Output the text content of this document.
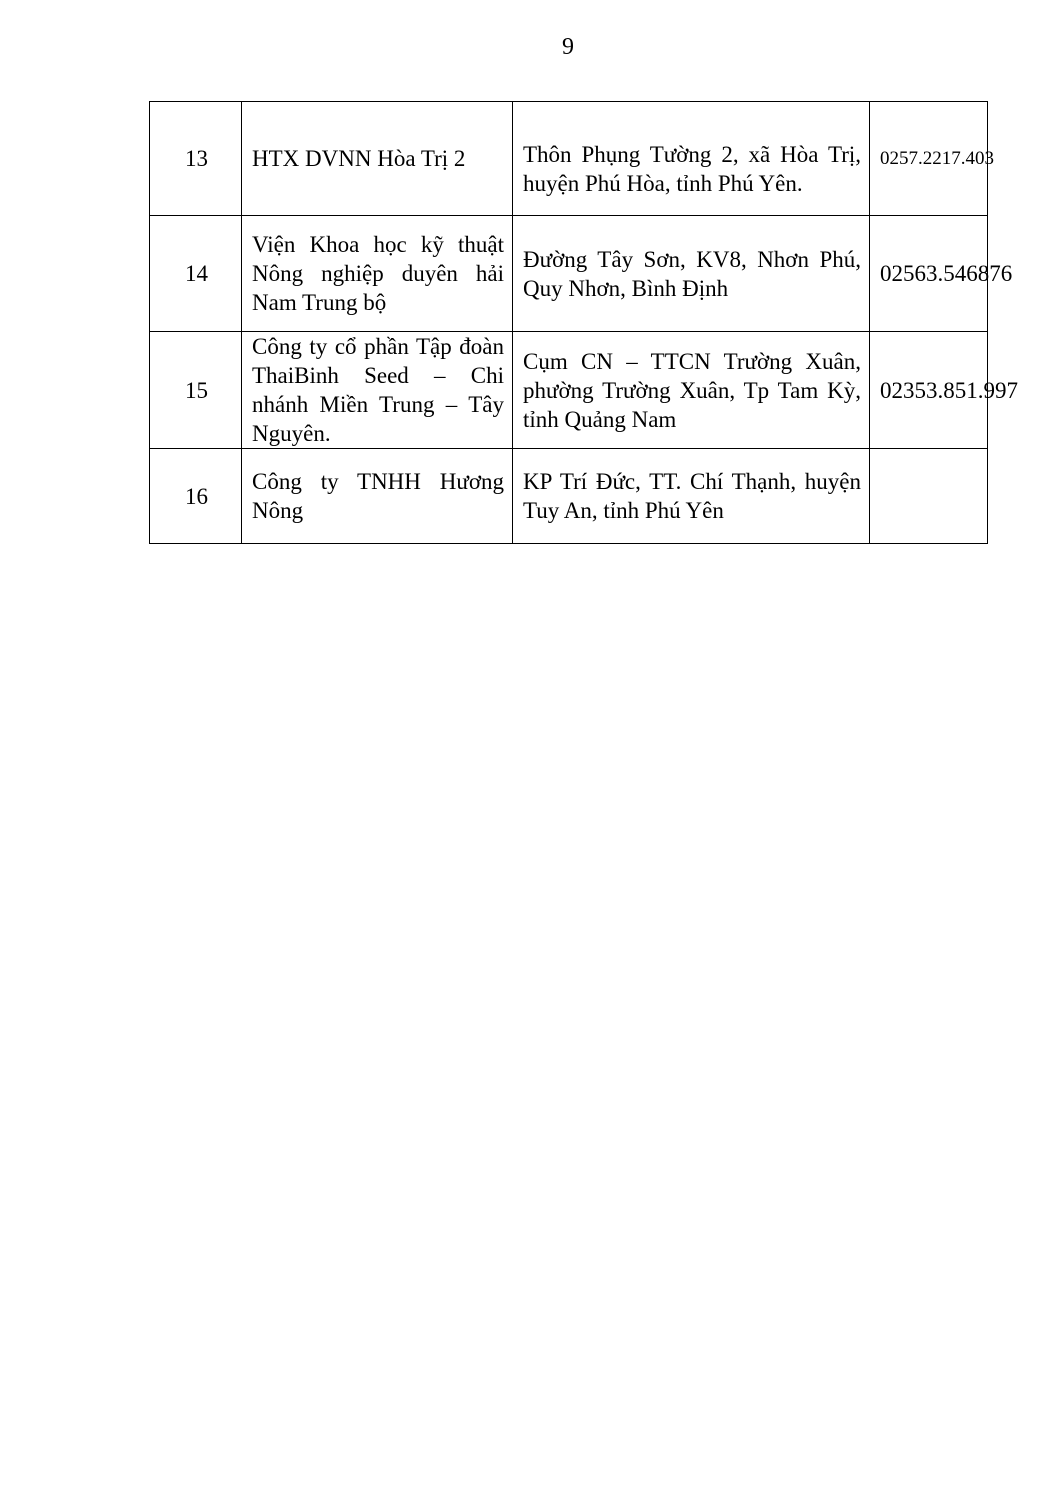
9
13	HTX DVNN Hòa Trị 2	Thôn Phụng Tường 2, xã Hòa Trị, huyện Phú Hòa, tỉnh Phú Yên.	0257.2217.403
14	Viện Khoa học kỹ thuật Nông nghiệp duyên hải Nam Trung bộ	Đường Tây Sơn, KV8, Nhơn Phú, Quy Nhơn, Bình Định	02563.546876
15	Công ty cổ phần Tập đoàn ThaiBinh Seed – Chi nhánh Miền Trung – Tây Nguyên.	Cụm CN – TTCN Trường Xuân, phường Trường Xuân, Tp Tam Kỳ, tỉnh Quảng Nam	02353.851.997
16	Công ty TNHH Hương Nông	KP Trí Đức, TT. Chí Thạnh, huyện Tuy An, tỉnh Phú Yên	
